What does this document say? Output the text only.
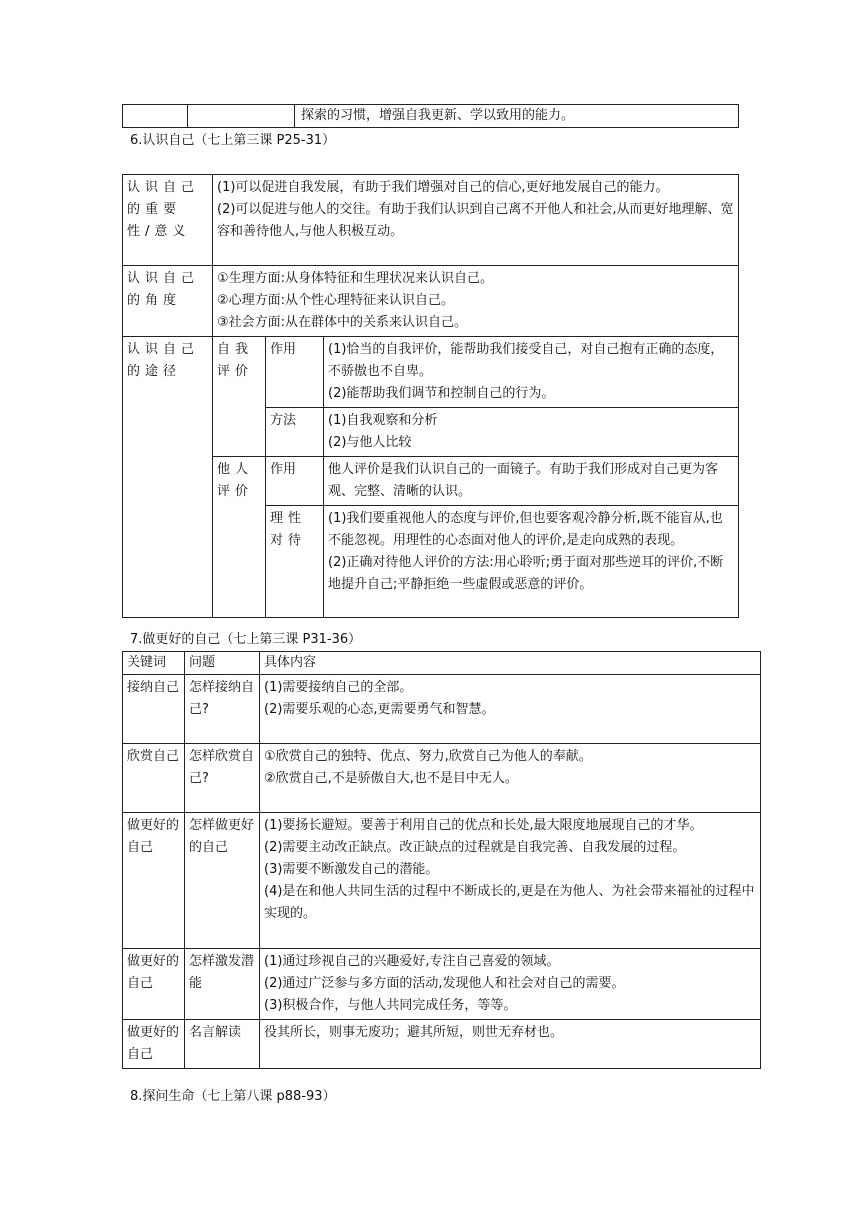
		探索的习惯，增强自我更新、学以致用的能力。
6.认识自己（七上第三课 P25-31）
认识自己的重要性/意义	(1)可以促进自我发展，有助于我们增强对自己的信心,更好地发展自己的能力。
(2)可以促进与他人的交往。有助于我们认识到自己离不开他人和社会,从而更好地理解、宽容和善待他人,与他人积极互动。		

认识自己的角度	①生理方面:从身体特征和生理状况来认识自己。
②心理方面:从个性心理特征来认识自己。
③社会方面:从在群体中的关系来认识自己。		

认识自己的途径	自我评价	作用	(1)恰当的自我评价，能帮助我们接受自己，对自己抱有正确的态度，不骄傲也不自卑。
(2)能帮助我们调节和控制自己的行为。

		方法	(1)自我观察和分析
(2)与他人比较

	他人评价	作用	他人评价是我们认识自己的一面镜子。有助于我们形成对自己更为客观、完整、清晰的认识。
		理性对待	(1)我们要重视他人的态度与评价,但也要客观冷静分析,既不能盲从,也不能忽视。用理性的心态面对他人的评价,是走向成熟的表现。
(2)正确对待他人评价的方法:用心聆听;勇于面对那些逆耳的评价,不断地提升自己;平静拒绝一些虚假或恶意的评价。
7.做更好的自己（七上第三课 P31-36）
关键词	问题	具体内容
接纳自己	怎样接纳自己?	(1)需要接纳自己的全部。
(2)需要乐观的心态,更需要勇气和智慧。

欣赏自己	怎样欣赏自己?	①欣赏自己的独特、优点、努力,欣赏自己为他人的奉献。
②欣赏自己,不是骄傲自大,也不是目中无人。

做更好的自己	怎样做更好的自己	(1)要扬长避短。要善于利用自己的优点和长处,最大限度地展现自己的才华。
(2)需要主动改正缺点。改正缺点的过程就是自我完善、自我发展的过程。
(3)需要不断激发自己的潜能。
(4)是在和他人共同生活的过程中不断成长的,更是在为他人、为社会带来福祉的过程中实现的。

做更好的自己	怎样激发潜能	(1)通过珍视自己的兴趣爱好,专注自己喜爱的领域。
(2)通过广泛参与多方面的活动,发现他人和社会对自己的需要。
(3)积极合作，与他人共同完成任务，等等。

做更好的自己	名言解读	役其所长，则事无废功；避其所短，则世无弃材也。
8.探问生命（七上第八课 p88-93）
